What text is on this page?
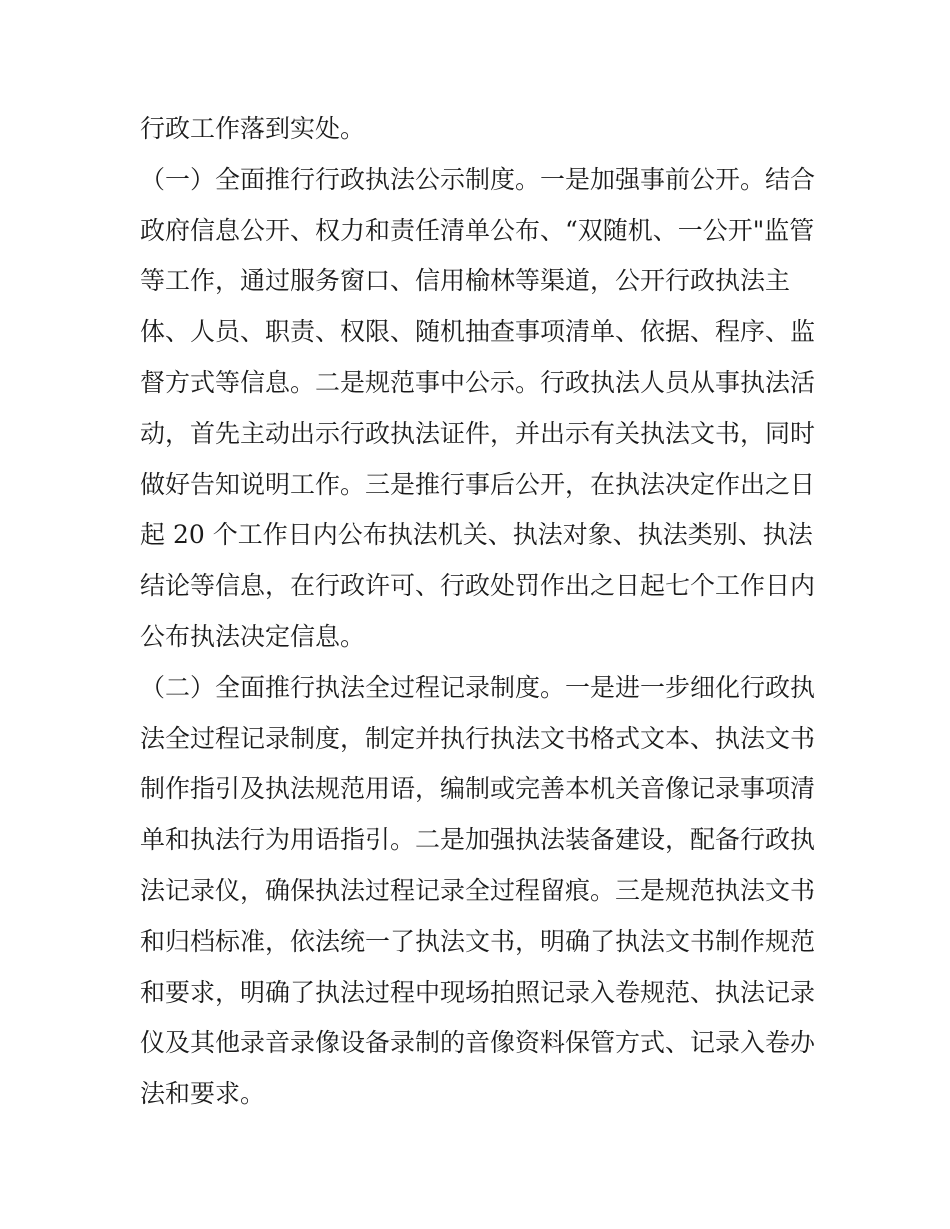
行政工作落到实处。
（一）全面推行行政执法公示制度。一是加强事前公开。结合
政府信息公开、权力和责任清单公布、“双随机、一公开"监管
等工作，通过服务窗口、信用榆林等渠道，公开行政执法主
体、人员、职责、权限、随机抽查事项清单、依据、程序、监
督方式等信息。二是规范事中公示。行政执法人员从事执法活
动，首先主动出示行政执法证件，并出示有关执法文书，同时
做好告知说明工作。三是推行事后公开，在执法决定作出之日
起 20 个工作日内公布执法机关、执法对象、执法类别、执法
结论等信息，在行政许可、行政处罚作出之日起七个工作日内
公布执法决定信息。
（二）全面推行执法全过程记录制度。一是进一步细化行政执
法全过程记录制度，制定并执行执法文书格式文本、执法文书
制作指引及执法规范用语，编制或完善本机关音像记录事项清
单和执法行为用语指引。二是加强执法装备建设，配备行政执
法记录仪，确保执法过程记录全过程留痕。三是规范执法文书
和归档标准，依法统一了执法文书，明确了执法文书制作规范
和要求，明确了执法过程中现场拍照记录入卷规范、执法记录
仪及其他录音录像设备录制的音像资料保管方式、记录入卷办
法和要求。
